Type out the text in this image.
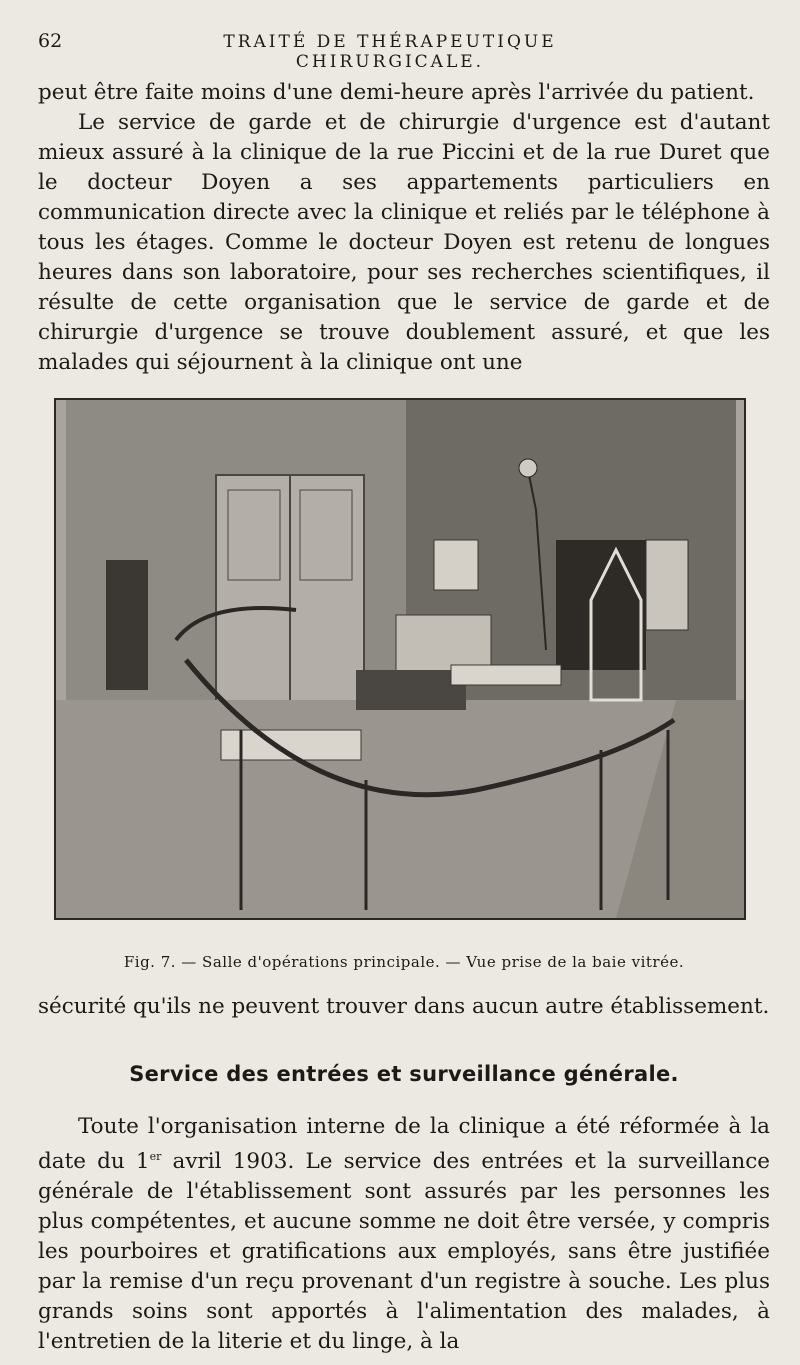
62	TRAITÉ DE THÉRAPEUTIQUE CHIRURGICALE.
peut être faite moins d'une demi-heure après l'arrivée du patient.
Le service de garde et de chirurgie d'urgence est d'autant mieux assuré à la clinique de la rue Piccini et de la rue Duret que le docteur Doyen a ses appartements particuliers en communication directe avec la clinique et reliés par le téléphone à tous les étages. Comme le docteur Doyen est retenu de longues heures dans son laboratoire, pour ses recherches scientifiques, il résulte de cette organisation que le service de garde et de chirurgie d'urgence se trouve doublement assuré, et que les malades qui séjournent à la clinique ont une
Fig. 7. — Salle d'opérations principale. — Vue prise de la baie vitrée.

sécurité qu'ils ne peuvent trouver dans aucun autre établissement.

Service des entrées et surveillance générale.

Toute l'organisation interne de la clinique a été réformée à la date du 1er avril 1903. Le service des entrées et la surveillance générale de l'établissement sont assurés par les personnes les plus compétentes, et aucune somme ne doit être versée, y compris les pourboires et gratifications aux employés, sans être justifiée par la remise d'un reçu provenant d'un registre à souche. Les plus grands soins sont apportés à l'alimentation des malades, à l'entretien de la literie et du linge, à la
